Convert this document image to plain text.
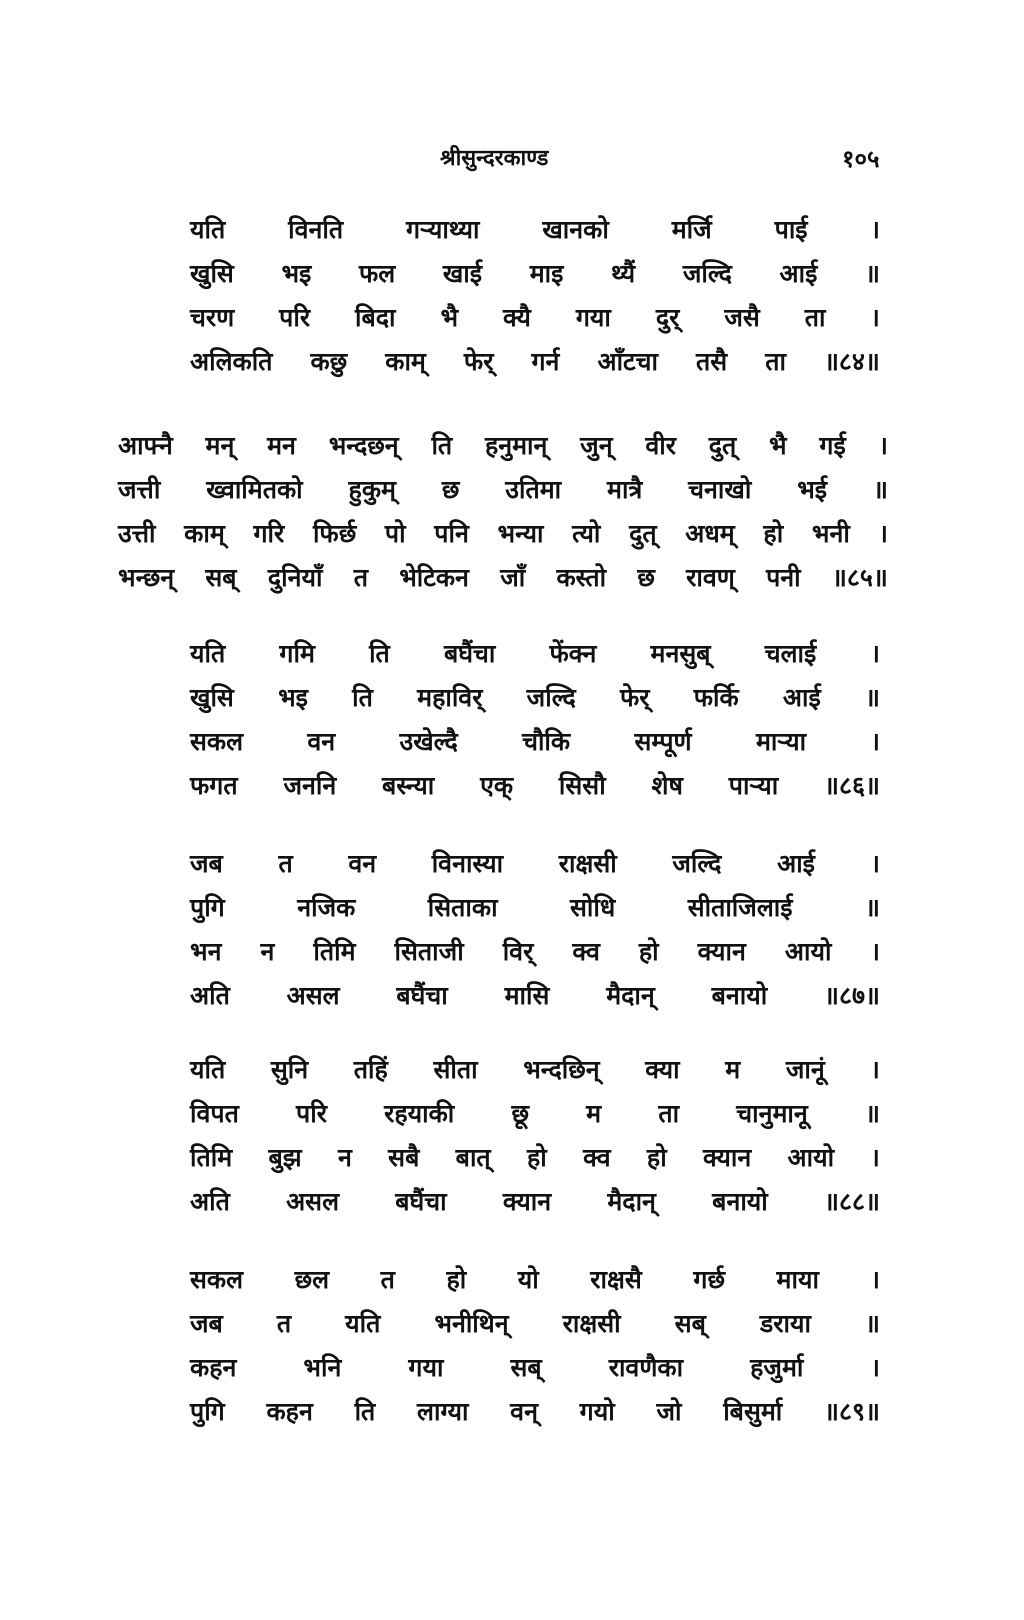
श्रीसुन्दरकाण्ड	१०५
यति	विनति	गऱ्याथ्या	खानको	मर्जि	पाई	।
खुसि भइ फल खाई माइ थ्यैं जल्दि आई ॥
चरण परि बिदा भै क्यै गया दुर् जसै ता ।
अलिकति कछु काम् फेर् गर्न आँटचा तसै ता ॥८४॥
आफ्नै मन् मन भन्दछन् ति हनुमान् जुन् वीर दुत् भै गई ।
जत्ती ख्वामितको हुकुम् छ उतिमा मात्रै चनाखो भई ॥
उत्ती काम् गरि फिर्छ पो पनि भन्या त्यो दुत् अधम् हो भनी ।
भन्छन् सब् दुनियाँ त भेटिकन जाँ कस्तो छ रावण् पनी ॥८५॥
यति गमि ति बघैंचा फेंक्न मनसुब् चलाई ।
खुसि भइ ति महाविर् जल्दि फेर् फर्कि आई ॥
सकल	वन	उखेल्दै	चौकि	सम्पूर्ण	माऱ्या	।
फगत जननि बस्न्या एक् सिसौ शेष पाऱ्या ॥८६॥
जब त वन विनास्या राक्षसी जल्दि आई ।
पुगि	नजिक	सिताका	सोधि	सीताजिलाई	॥
भन न तिमि सिताजी विर् क्व हो क्यान आयो ।
अति असल बघैंचा मासि मैदान् बनायो ॥८७॥
यति सुनि तहिं सीता भन्दछिन् क्या म जानूं ।
विपत परि रहयाकी छू म ता चानुमानू ॥
तिमि बुझ न सबै बात् हो क्व हो क्यान आयो ।
अति असल बघैंचा क्यान मैदान् बनायो ॥८८॥
सकल छल त हो यो राक्षसै गर्छ माया ।
जब त यति भनीथिन् राक्षसी सब् डराया ॥
कहन	भनि	गया	सब्	रावणैका	हजुर्मा	।
पुगि कहन ति लाग्या वन् गयो जो बिसुर्मा ॥८९॥
